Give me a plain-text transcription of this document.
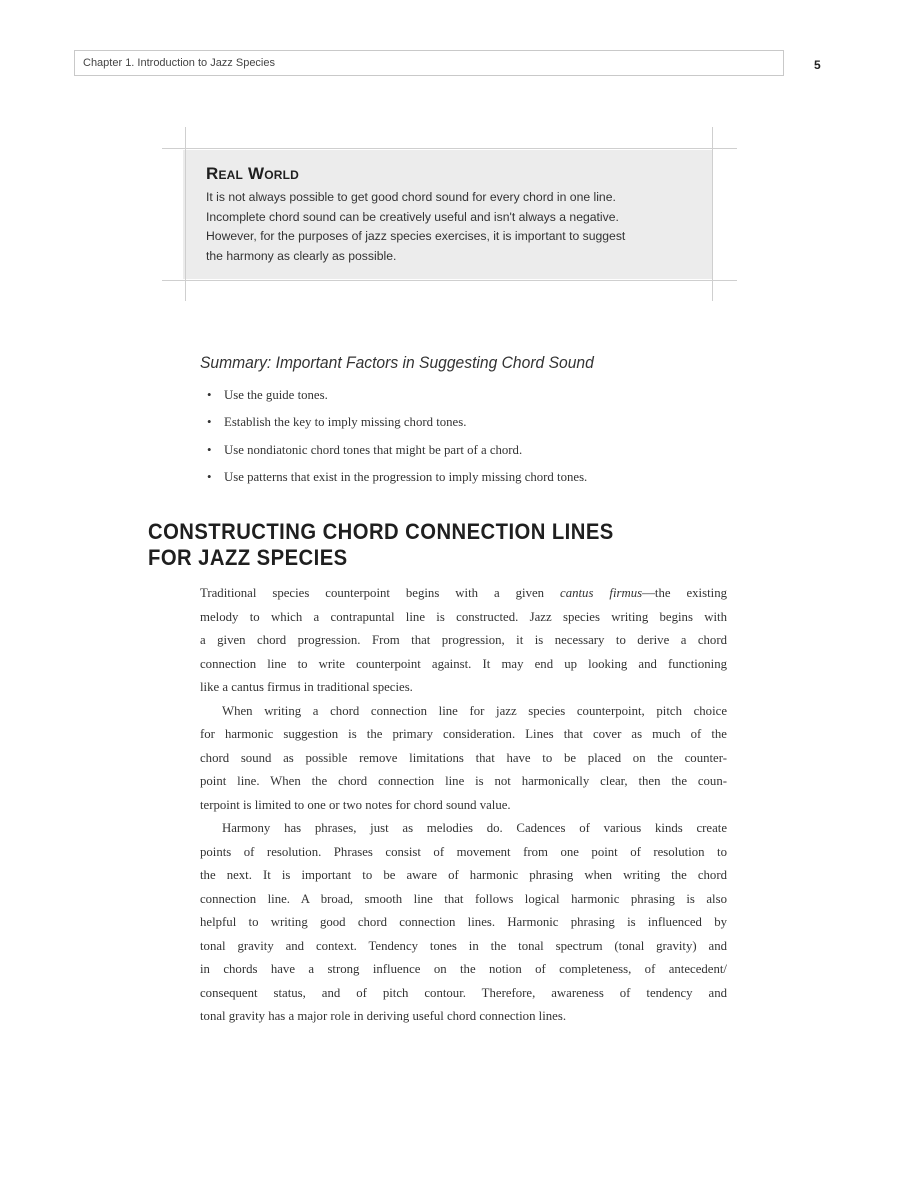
Chapter 1. Introduction to Jazz Species	5
Real World
It is not always possible to get good chord sound for every chord in one line.
Incomplete chord sound can be creatively useful and isn't always a negative.
However, for the purposes of jazz species exercises, it is important to suggest
the harmony as clearly as possible.
Summary: Important Factors in Suggesting Chord Sound
• Use the guide tones.
• Establish the key to imply missing chord tones.
• Use nondiatonic chord tones that might be part of a chord.
• Use patterns that exist in the progression to imply missing chord tones.
CONSTRUCTING CHORD CONNECTION LINES
FOR JAZZ SPECIES
Traditional species counterpoint begins with a given cantus firmus—the existing
melody to which a contrapuntal line is constructed. Jazz species writing begins with
a given chord progression. From that progression, it is necessary to derive a chord
connection line to write counterpoint against. It may end up looking and functioning
like a cantus firmus in traditional species.
When writing a chord connection line for jazz species counterpoint, pitch choice
for harmonic suggestion is the primary consideration. Lines that cover as much of the
chord sound as possible remove limitations that have to be placed on the counter-
point line. When the chord connection line is not harmonically clear, then the coun-
terpoint is limited to one or two notes for chord sound value.
Harmony has phrases, just as melodies do. Cadences of various kinds create
points of resolution. Phrases consist of movement from one point of resolution to
the next. It is important to be aware of harmonic phrasing when writing the chord
connection line. A broad, smooth line that follows logical harmonic phrasing is also
helpful to writing good chord connection lines. Harmonic phrasing is influenced by
tonal gravity and context. Tendency tones in the tonal spectrum (tonal gravity) and
in chords have a strong influence on the notion of completeness, of antecedent/
consequent status, and of pitch contour. Therefore, awareness of tendency and
tonal gravity has a major role in deriving useful chord connection lines.
